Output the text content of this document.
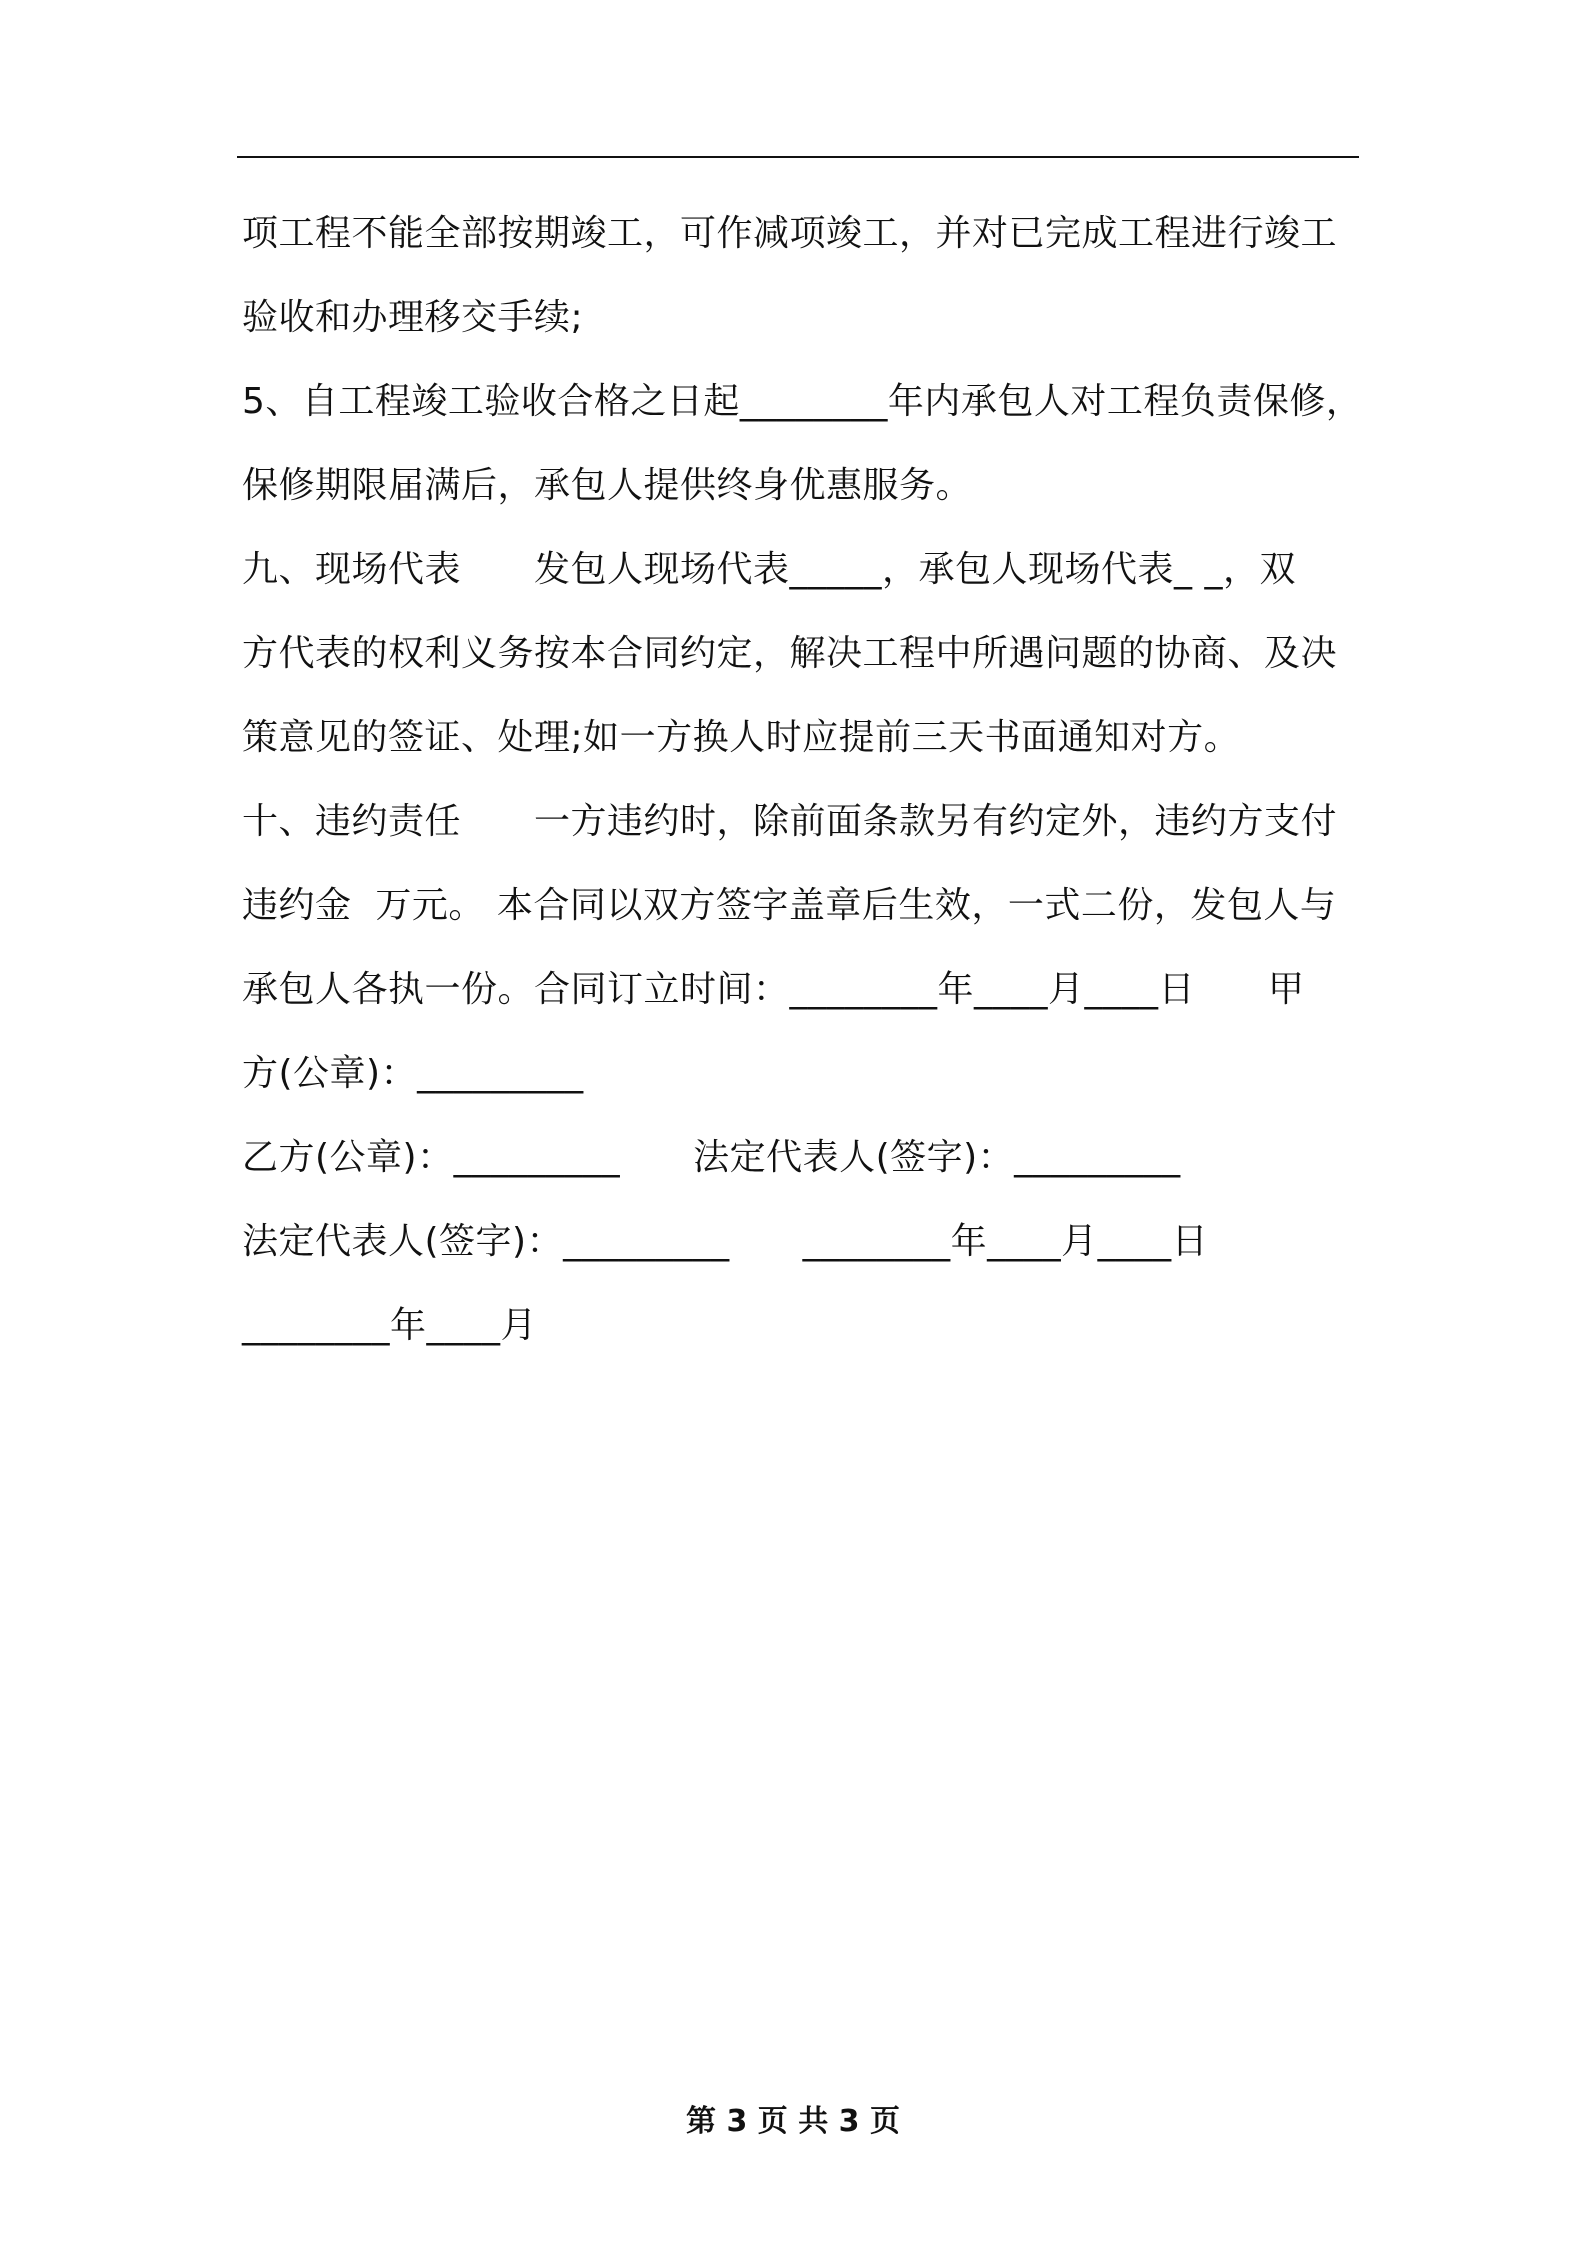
项工程不能全部按期竣工，可作减项竣工，并对已完成工程进行竣工
验收和办理移交手续;
5、自工程竣工验收合格之日起________年内承包人对工程负责保修，
保修期限届满后，承包人提供终身优惠服务。
九、现场代表　　发包人现场代表_____，承包人现场代表_ _，双
方代表的权利义务按本合同约定，解决工程中所遇问题的协商、及决
策意见的签证、处理;如一方换人时应提前三天书面通知对方。
十、违约责任　　一方违约时，除前面条款另有约定外，违约方支付
违约金  万元。 本合同以双方签字盖章后生效，一式二份，发包人与
承包人各执一份。合同订立时间：________年____月____日　　甲
方(公章)：_________
乙方(公章)：_________　　法定代表人(签字)：_________
法定代表人(签字)：_________　　________年____月____日
________年____月
第 3 页 共 3 页
